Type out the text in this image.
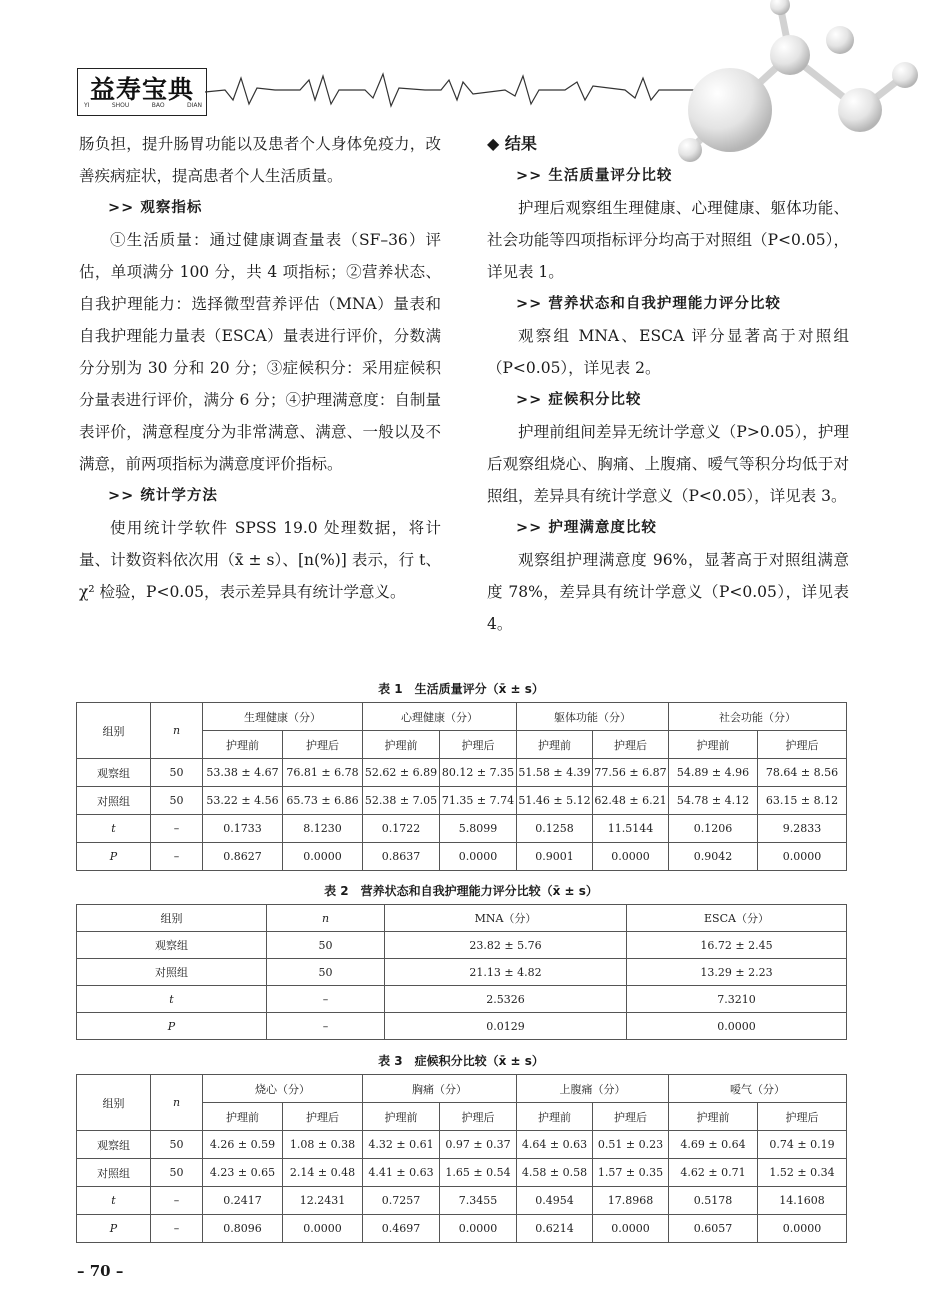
益寿宝典
YI	SHOU	BAO	DIAN

肠负担，提升肠胃功能以及患者个人身体免疫力，改善疾病症状，提高患者个人生活质量。

>> 观察指标

①生活质量：通过健康调查量表（SF–36）评估，单项满分 100 分，共 4 项指标；②营养状态、自我护理能力：选择微型营养评估（MNA）量表和自我护理能力量表（ESCA）量表进行评价，分数满分分别为 30 分和 20 分；③症候积分：采用症候积分量表进行评价，满分 6 分；④护理满意度：自制量表评价，满意程度分为非常满意、满意、一般以及不满意，前两项指标为满意度评价指标。

>> 统计学方法

使用统计学软件 SPSS 19.0 处理数据，将计量、计数资料依次用（x̄ ± s）、[n(%)] 表示，行 t、χ² 检验，P<0.05，表示差异具有统计学意义。

◆ 结果
>> 生活质量评分比较

护理后观察组生理健康、心理健康、躯体功能、社会功能等四项指标评分均高于对照组（P<0.05），详见表 1。

>> 营养状态和自我护理能力评分比较

观察组 MNA、ESCA 评分显著高于对照组（P<0.05），详见表 2。

>> 症候积分比较

护理前组间差异无统计学意义（P>0.05），护理后观察组烧心、胸痛、上腹痛、嗳气等积分均低于对照组，差异具有统计学意义（P<0.05），详见表 3。

>> 护理满意度比较

观察组护理满意度 96%，显著高于对照组满意度 78%，差异具有统计学意义（P<0.05），详见表 4。

表 1　生活质量评分（x̄ ± s）
组别	n	生理健康（分）		心理健康（分）		躯体功能（分）		社会功能（分）	
		护理前	护理后	护理前	护理后	护理前	护理后	护理前	护理后
观察组	50	53.38 ± 4.67	76.81 ± 6.78	52.62 ± 6.89	80.12 ± 7.35	51.58 ± 4.39	77.56 ± 6.87	54.89 ± 4.96	78.64 ± 8.56
对照组	50	53.22 ± 4.56	65.73 ± 6.86	52.38 ± 7.05	71.35 ± 7.74	51.46 ± 5.12	62.48 ± 6.21	54.78 ± 4.12	63.15 ± 8.12
t	–	0.1733	8.1230	0.1722	5.8099	0.1258	11.5144	0.1206	9.2833
P	–	0.8627	0.0000	0.8637	0.0000	0.9001	0.0000	0.9042	0.0000
表 2　营养状态和自我护理能力评分比较（x̄ ± s）
组别	n	MNA（分）	ESCA（分）
观察组	50	23.82 ± 5.76	16.72 ± 2.45
对照组	50	21.13 ± 4.82	13.29 ± 2.23
t	–	2.5326	7.3210
P	–	0.0129	0.0000
表 3　症候积分比较（x̄ ± s）
组别	n	烧心（分）		胸痛（分）		上腹痛（分）		嗳气（分）	
		护理前	护理后	护理前	护理后	护理前	护理后	护理前	护理后
观察组	50	4.26 ± 0.59	1.08 ± 0.38	4.32 ± 0.61	0.97 ± 0.37	4.64 ± 0.63	0.51 ± 0.23	4.69 ± 0.64	0.74 ± 0.19
对照组	50	4.23 ± 0.65	2.14 ± 0.48	4.41 ± 0.63	1.65 ± 0.54	4.58 ± 0.58	1.57 ± 0.35	4.62 ± 0.71	1.52 ± 0.34
t	–	0.2417	12.2431	0.7257	7.3455	0.4954	17.8968	0.5178	14.1608
P	–	0.8096	0.0000	0.4697	0.0000	0.6214	0.0000	0.6057	0.0000
– 70 –
